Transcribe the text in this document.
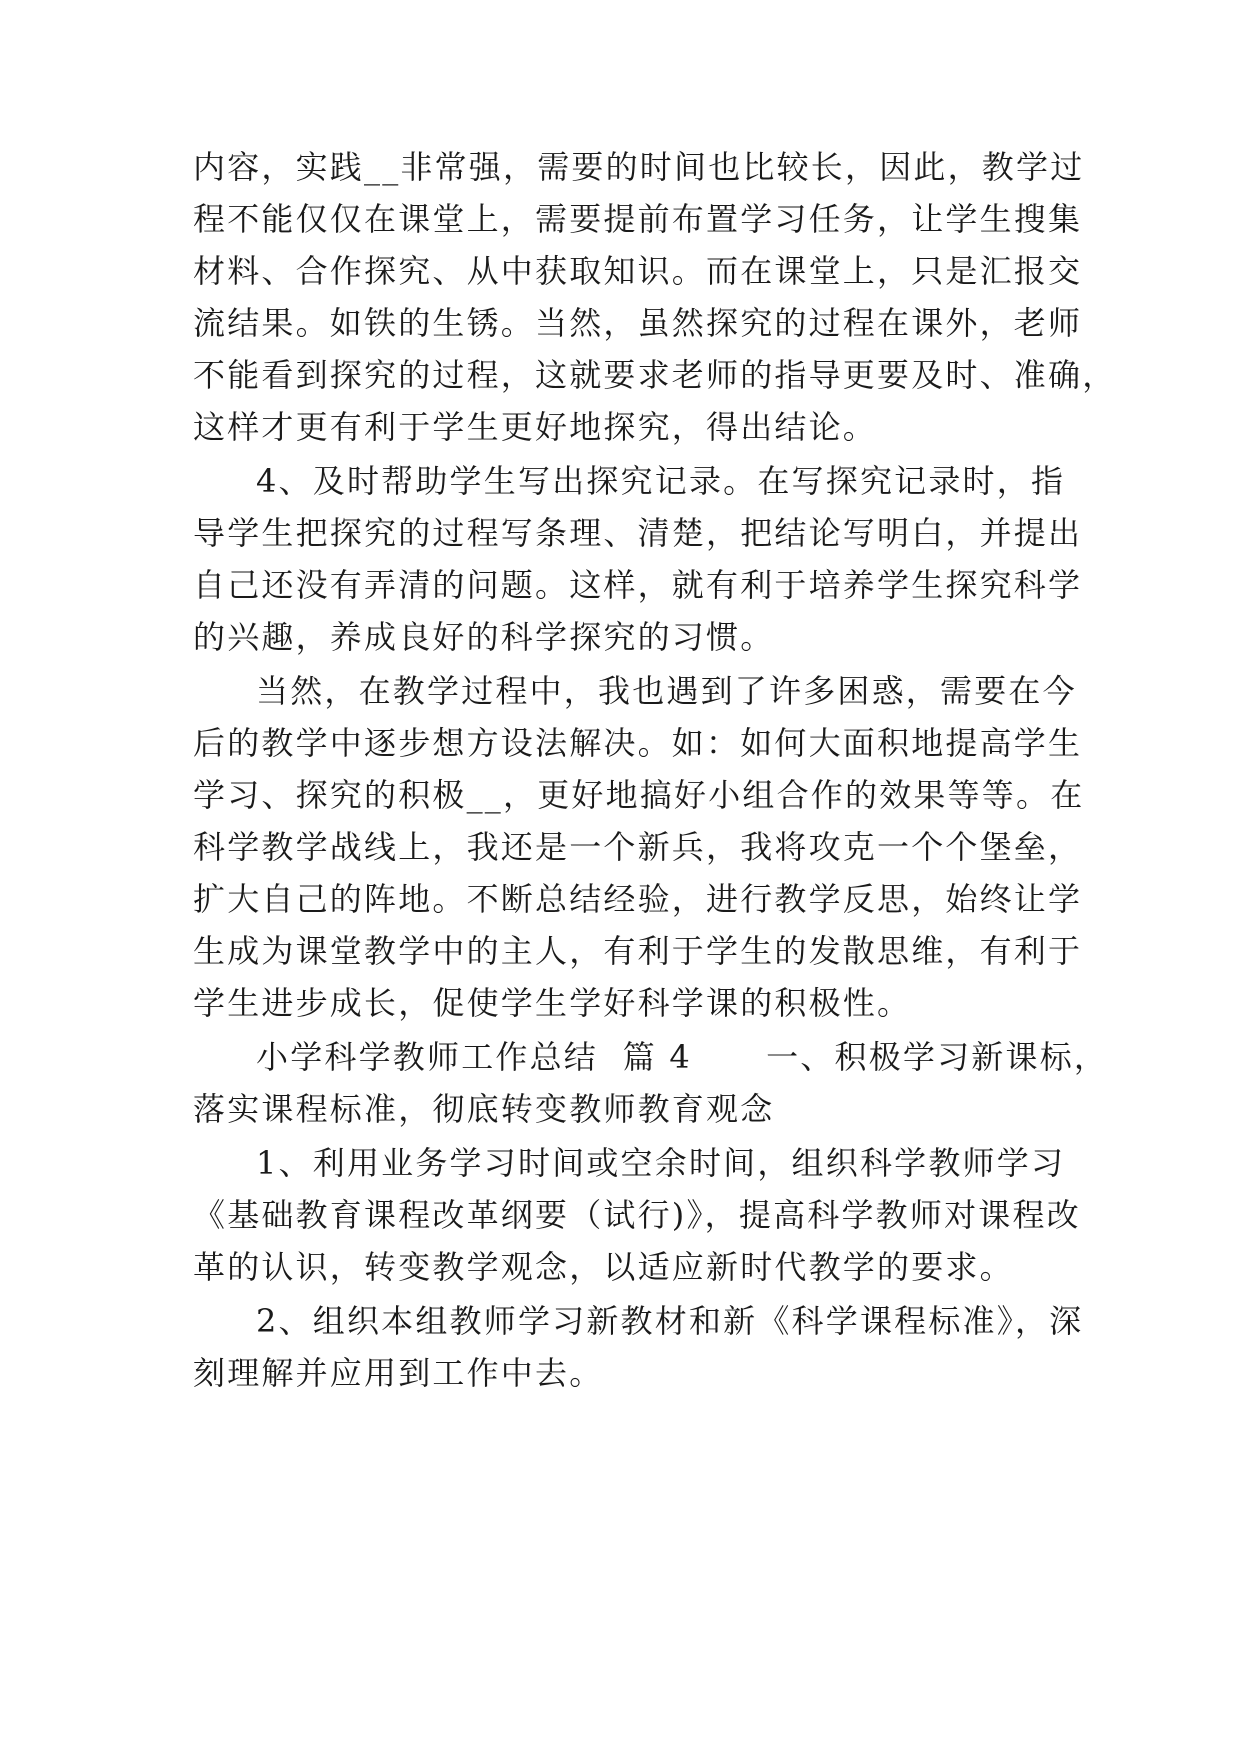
内容，实践__非常强，需要的时间也比较长，因此，教学过

程不能仅仅在课堂上，需要提前布置学习任务，让学生搜集

材料、合作探究、从中获取知识。而在课堂上，只是汇报交

流结果。如铁的生锈。当然，虽然探究的过程在课外，老师

不能看到探究的过程，这就要求老师的指导更要及时、准确，

这样才更有利于学生更好地探究，得出结论。

4、及时帮助学生写出探究记录。在写探究记录时，指

导学生把探究的过程写条理、清楚，把结论写明白，并提出

自己还没有弄清的问题。这样，就有利于培养学生探究科学

的兴趣，养成良好的科学探究的习惯。

当然，在教学过程中，我也遇到了许多困惑，需要在今

后的教学中逐步想方设法解决。如：如何大面积地提高学生

学习、探究的积极__，更好地搞好小组合作的效果等等。在

科学教学战线上，我还是一个新兵，我将攻克一个个堡垒，

扩大自己的阵地。不断总结经验，进行教学反思，始终让学

生成为课堂教学中的主人，有利于学生的发散思维，有利于

学生进步成长，促使学生学好科学课的积极性。

小学科学教师工作总结  篇 4      一、积极学习新课标，

落实课程标准，彻底转变教师教育观念

1、利用业务学习时间或空余时间，组织科学教师学习

《基础教育课程改革纲要（试行)》，提高科学教师对课程改

革的认识，转变教学观念，以适应新时代教学的要求。

2、组织本组教师学习新教材和新《科学课程标准》，深

刻理解并应用到工作中去。
